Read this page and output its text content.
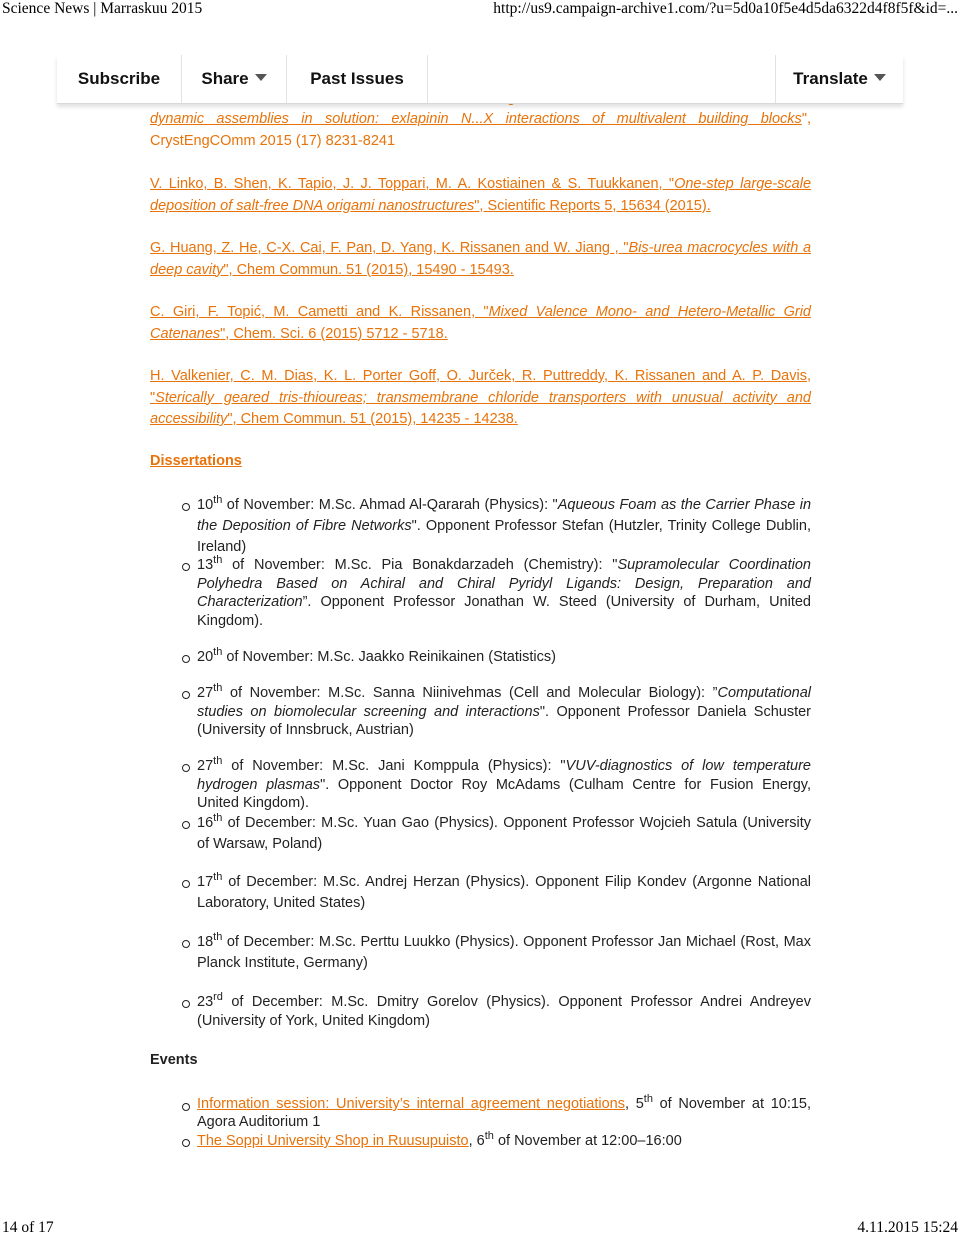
Science News | Marraskuu 2015	http://us9.campaign-archive1.com/?u=5d0a10f5e4d5da6322d4f8f5f&id=...
Subscribe	Share	Past Issues	Translate
dynamic assemblies in solution: exlapinin N...X interactions of multivalent building blocks", CrystEngCOmm 2015 (17) 8231-8241
V. Linko, B. Shen, K. Tapio, J. J. Toppari, M. A. Kostiainen & S. Tuukkanen, "One-step large-scale deposition of salt-free DNA origami nanostructures", Scientific Reports 5, 15634 (2015).
G. Huang, Z. He, C-X. Cai, F. Pan, D. Yang, K. Rissanen and W. Jiang , "Bis-urea macrocycles with a deep cavity", Chem Commun. 51 (2015), 15490 - 15493.
C. Giri, F. Topić, M. Cametti and K. Rissanen, "Mixed Valence Mono- and Hetero-Metallic Grid Catenanes", Chem. Sci. 6 (2015) 5712 - 5718.
H. Valkenier, C. M. Dias, K. L. Porter Goff, O. Jurček, R. Puttreddy, K. Rissanen and A. P. Davis, "Sterically geared tris-thioureas; transmembrane chloride transporters with unusual activity and accessibility", Chem Commun. 51 (2015), 14235 - 14238.
Dissertations
10th of November: M.Sc. Ahmad Al-Qararah (Physics): "Aqueous Foam as the Carrier Phase in the Deposition of Fibre Networks". Opponent Professor Stefan (Hutzler, Trinity College Dublin, Ireland)
13th of November: M.Sc. Pia Bonakdarzadeh (Chemistry): "Supramolecular Coordination Polyhedra Based on Achiral and Chiral Pyridyl Ligands: Design, Preparation and Characterization”. Opponent Professor Jonathan W. Steed (University of Durham, United Kingdom).
20th of November: M.Sc. Jaakko Reinikainen (Statistics)
27th of November: M.Sc. Sanna Niinivehmas (Cell and Molecular Biology): ”Computational studies on biomolecular screening and interactions". Opponent Professor Daniela Schuster (University of Innsbruck, Austrian)
27th of November: M.Sc. Jani Komppula (Physics): "VUV-diagnostics of low temperature hydrogen plasmas". Opponent Doctor Roy McAdams (Culham Centre for Fusion Energy, United Kingdom).
16th of December: M.Sc. Yuan Gao (Physics). Opponent Professor Wojcieh Satula (University of Warsaw, Poland)
17th of December: M.Sc. Andrej Herzan (Physics). Opponent Filip Kondev (Argonne National Laboratory, United States)
18th of December: M.Sc. Perttu Luukko (Physics). Opponent Professor Jan Michael (Rost, Max Planck Institute, Germany)
23rd of December: M.Sc. Dmitry Gorelov (Physics). Opponent Professor Andrei Andreyev (University of York, United Kingdom)
Events
Information session: University’s internal agreement negotiations, 5th of November at 10:15, Agora Auditorium 1
The Soppi University Shop in Ruusupuisto, 6th of November at 12:00–16:00
14 of 17	4.11.2015 15:24
